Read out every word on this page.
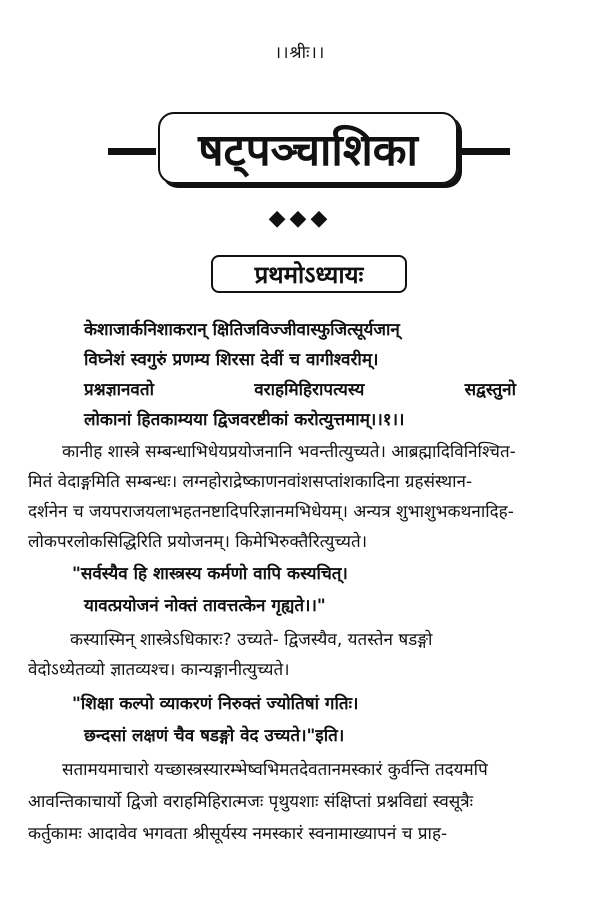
।।श्रीः।।
षट्पञ्चाशिका
◆◆◆
प्रथमोऽध्यायः
केशाजार्कनिशाकरान् क्षितिजविज्जीवास्फुजित्सूर्यजान्
विघ्नेशं स्वगुरुं प्रणम्य शिरसा देवीं च वागीश्वरीम्।
प्रश्नज्ञानवतो	वराहमिहिरापत्यस्य	सद्वस्तुनो
लोकानां हितकाम्यया द्विजवरष्टीकां करोत्युत्तमाम्।।१।।
कानीह शास्त्रे सम्बन्धाभिधेयप्रयोजनानि भवन्तीत्युच्यते। आब्रह्मादिविनिश्चित-
मितं वेदाङ्गमिति सम्बन्धः। लग्नहोराद्रेष्काणनवांशसप्तांशकादिना ग्रहसंस्थान-
दर्शनेन च जयपराजयलाभहतनष्टादिपरिज्ञानमभिधेयम्। अन्यत्र शुभाशुभकथनादिह-
लोकपरलोकसिद्धिरिति प्रयोजनम्। किमेभिरुक्तैरित्युच्यते।
"सर्वस्यैव हि शास्त्रस्य कर्मणो वापि कस्यचित्।
यावत्प्रयोजनं नोक्तं तावत्तत्केन गृह्यते।।"
कस्यास्मिन् शास्त्रेऽधिकारः? उच्यते- द्विजस्यैव, यतस्तेन षडङ्गो
वेदोऽध्येतव्यो ज्ञातव्यश्च। कान्यङ्गानीत्युच्यते।
"शिक्षा कल्पो व्याकरणं निरुक्तं ज्योतिषां गतिः।
छन्दसां लक्षणं चैव षडङ्गो वेद उच्यते।"इति।
सतामयमाचारो यच्छास्त्रस्यारम्भेष्वभिमतदेवतानमस्कारं कुर्वन्ति तदयमपि
आवन्तिकाचार्यो द्विजो वराहमिहिरात्मजः पृथुयशाः संक्षिप्तां प्रश्नविद्यां स्वसूत्रैः
कर्तुकामः आदावेव भगवता श्रीसूर्यस्य नमस्कारं स्वनामाख्यापनं च प्राह-
